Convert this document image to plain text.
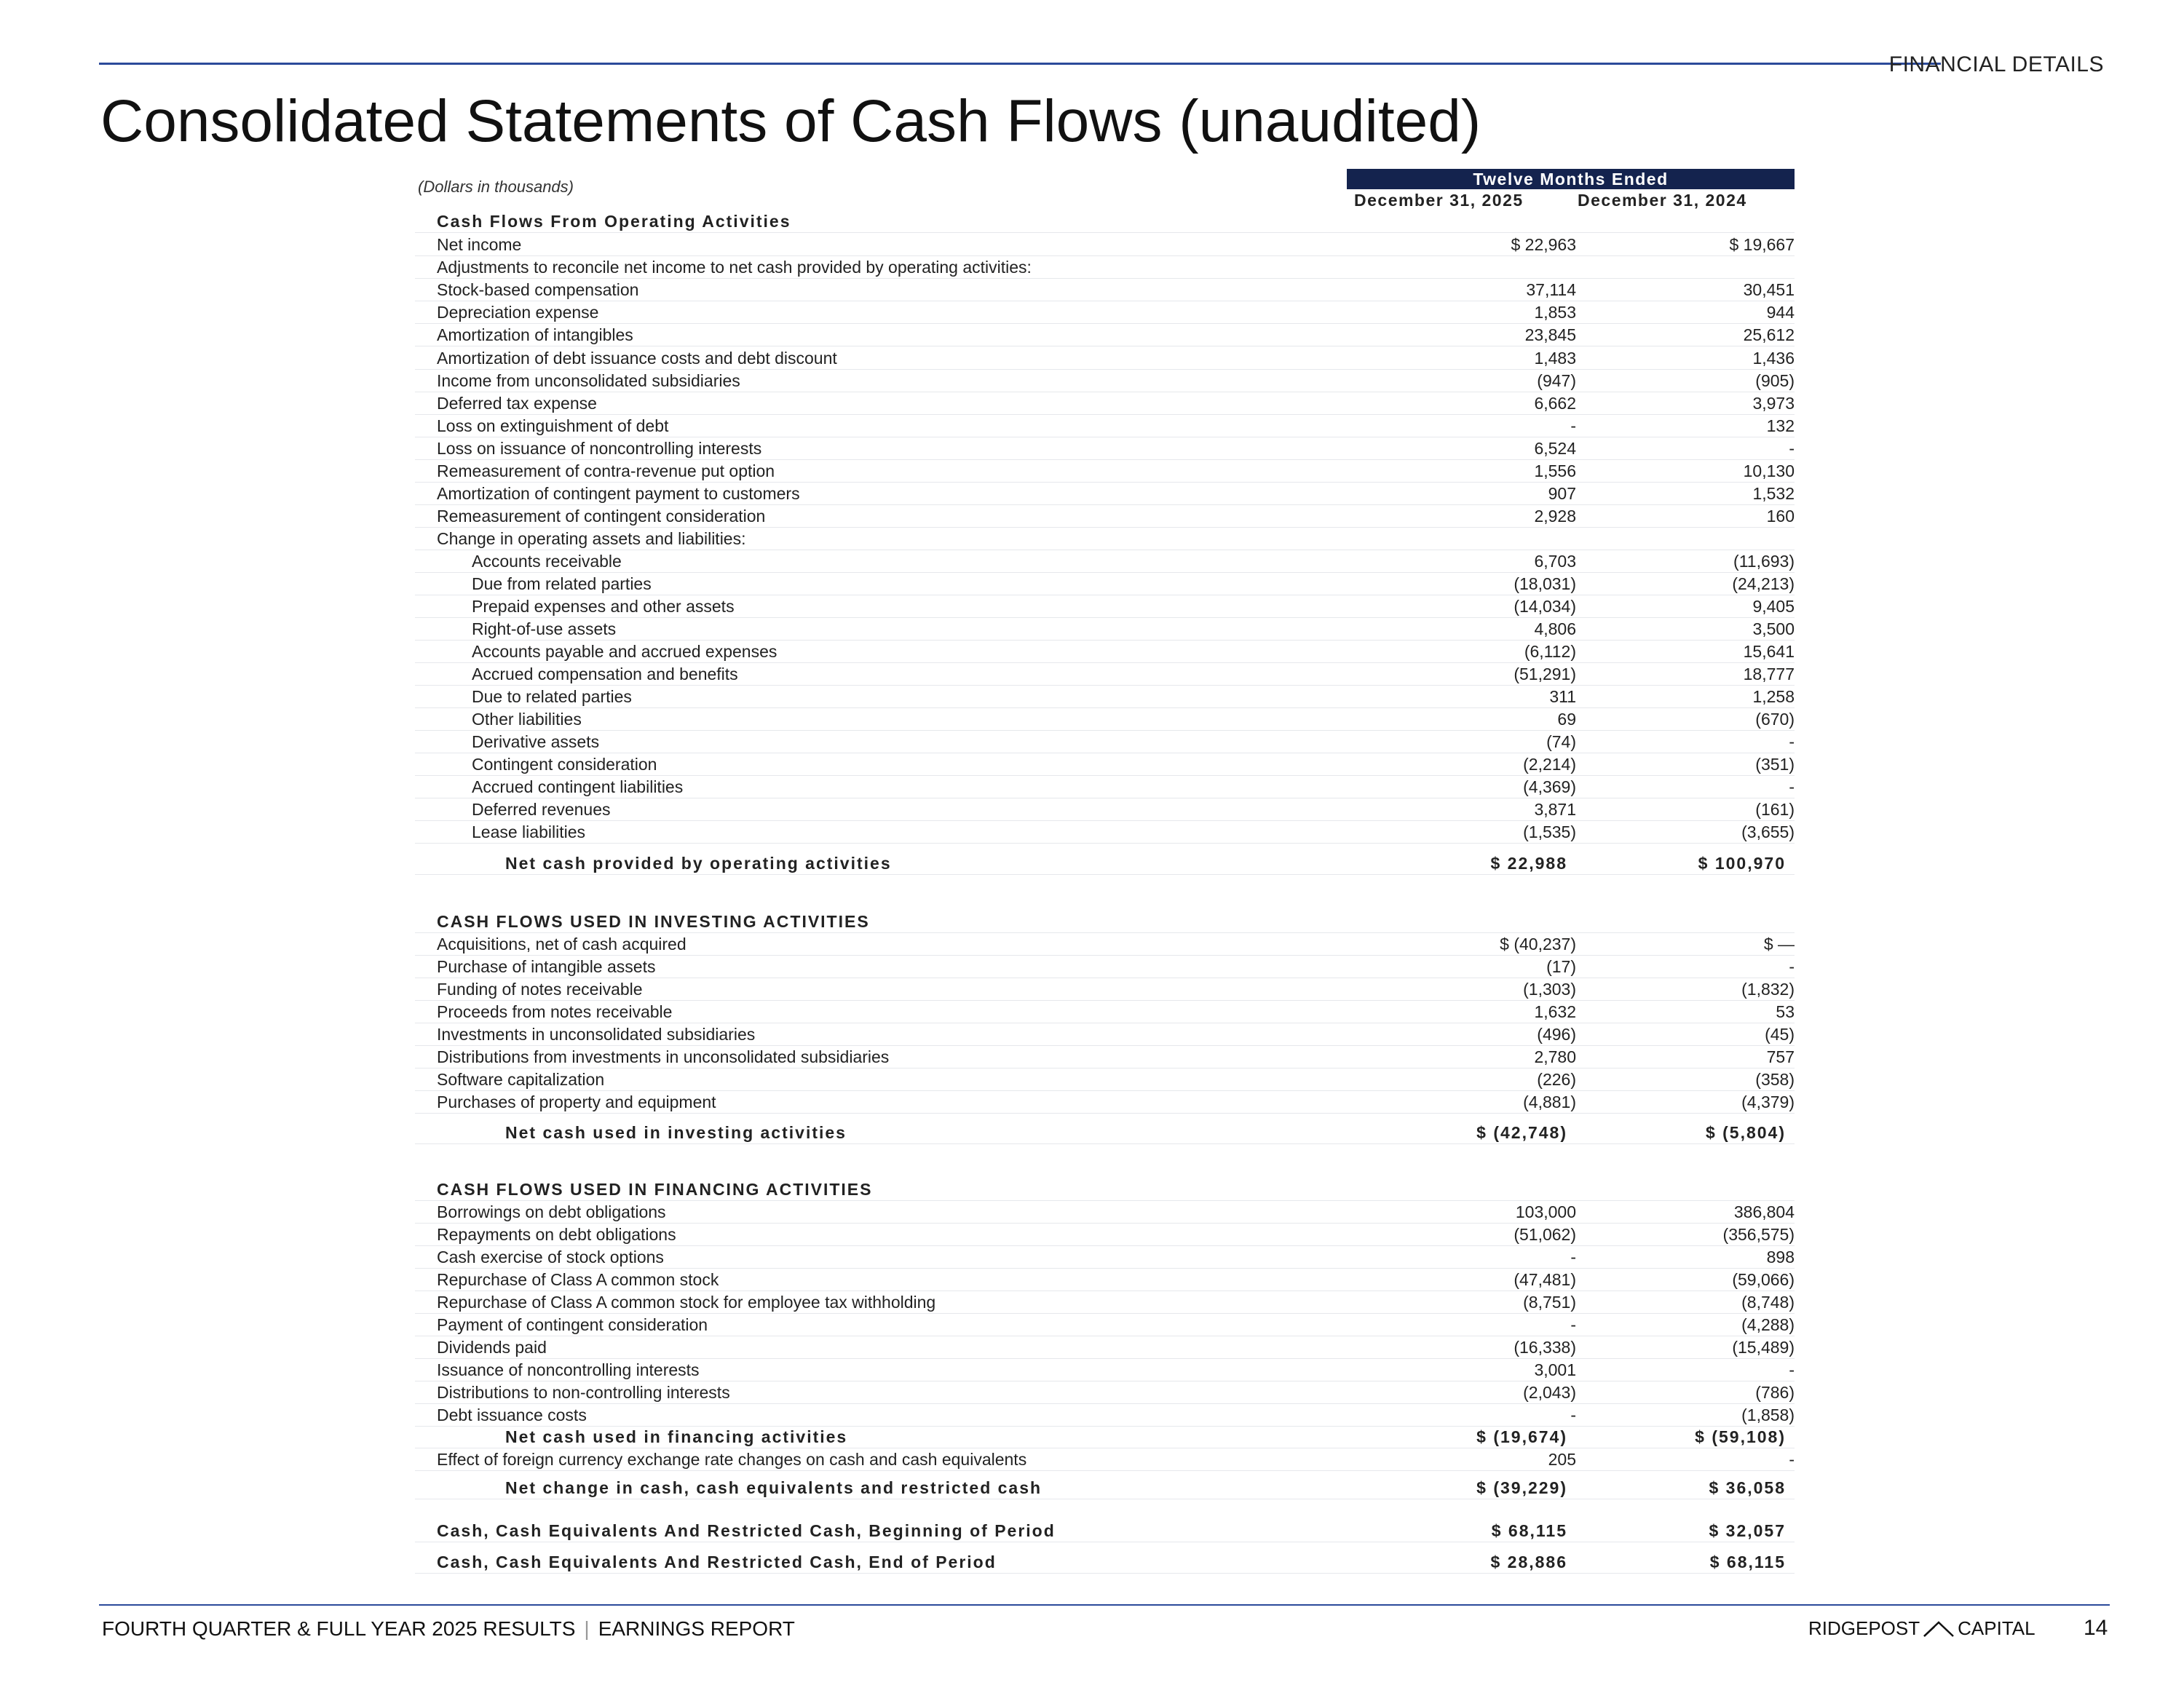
FINANCIAL DETAILS
Consolidated Statements of Cash Flows (unaudited)
(Dollars in thousands)	Twelve Months Ended
December 31, 2025	December 31, 2024
Cash Flows From Operating Activities
Net income	$ 22,963	$ 19,667
Adjustments to reconcile net income to net cash provided by operating activities:
Stock-based compensation	37,114	30,451
Depreciation expense	1,853	944
Amortization of intangibles	23,845	25,612
Amortization of debt issuance costs and debt discount	1,483	1,436
Income from unconsolidated subsidiaries	(947)	(905)
Deferred tax expense	6,662	3,973
Loss on extinguishment of debt	-	132
Loss on issuance of noncontrolling interests	6,524	-
Remeasurement of contra-revenue put option	1,556	10,130
Amortization of contingent payment to customers	907	1,532
Remeasurement of contingent consideration	2,928	160
Change in operating assets and liabilities:
Accounts receivable	6,703	(11,693)
Due from related parties	(18,031)	(24,213)
Prepaid expenses and other assets	(14,034)	9,405
Right-of-use assets	4,806	3,500
Accounts payable and accrued expenses	(6,112)	15,641
Accrued compensation and benefits	(51,291)	18,777
Due to related parties	311	1,258
Other liabilities	69	(670)
Derivative assets	(74)	-
Contingent consideration	(2,214)	(351)
Accrued contingent liabilities	(4,369)	-
Deferred revenues	3,871	(161)
Lease liabilities	(1,535)	(3,655)
Net cash provided by operating activities	$ 22,988	$ 100,970
CASH FLOWS USED IN INVESTING ACTIVITIES
Acquisitions, net of cash acquired	$ (40,237)	$ —
Purchase of intangible assets	(17)	-
Funding of notes receivable	(1,303)	(1,832)
Proceeds from notes receivable	1,632	53
Investments in unconsolidated subsidiaries	(496)	(45)
Distributions from investments in unconsolidated subsidiaries	2,780	757
Software capitalization	(226)	(358)
Purchases of property and equipment	(4,881)	(4,379)
Net cash used in investing activities	$ (42,748)	$ (5,804)
CASH FLOWS USED IN FINANCING ACTIVITIES
Borrowings on debt obligations	103,000	386,804
Repayments on debt obligations	(51,062)	(356,575)
Cash exercise of stock options	-	898
Repurchase of Class A common stock	(47,481)	(59,066)
Repurchase of Class A common stock for employee tax withholding	(8,751)	(8,748)
Payment of contingent consideration	-	(4,288)
Dividends paid	(16,338)	(15,489)
Issuance of noncontrolling interests	3,001	-
Distributions to non-controlling interests	(2,043)	(786)
Debt issuance costs	-	(1,858)
Net cash used in financing activities	$ (19,674)	$ (59,108)
Effect of foreign currency exchange rate changes on cash and cash equivalents	205	-
Net change in cash, cash equivalents and restricted cash	$ (39,229)	$ 36,058
Cash, Cash Equivalents And Restricted Cash, Beginning of Period	$ 68,115	$ 32,057
Cash, Cash Equivalents And Restricted Cash, End of Period	$ 28,886	$ 68,115
FOURTH QUARTER & FULL YEAR 2025 RESULTS | EARNINGS REPORT	RIDGEPOST CAPITAL 14
